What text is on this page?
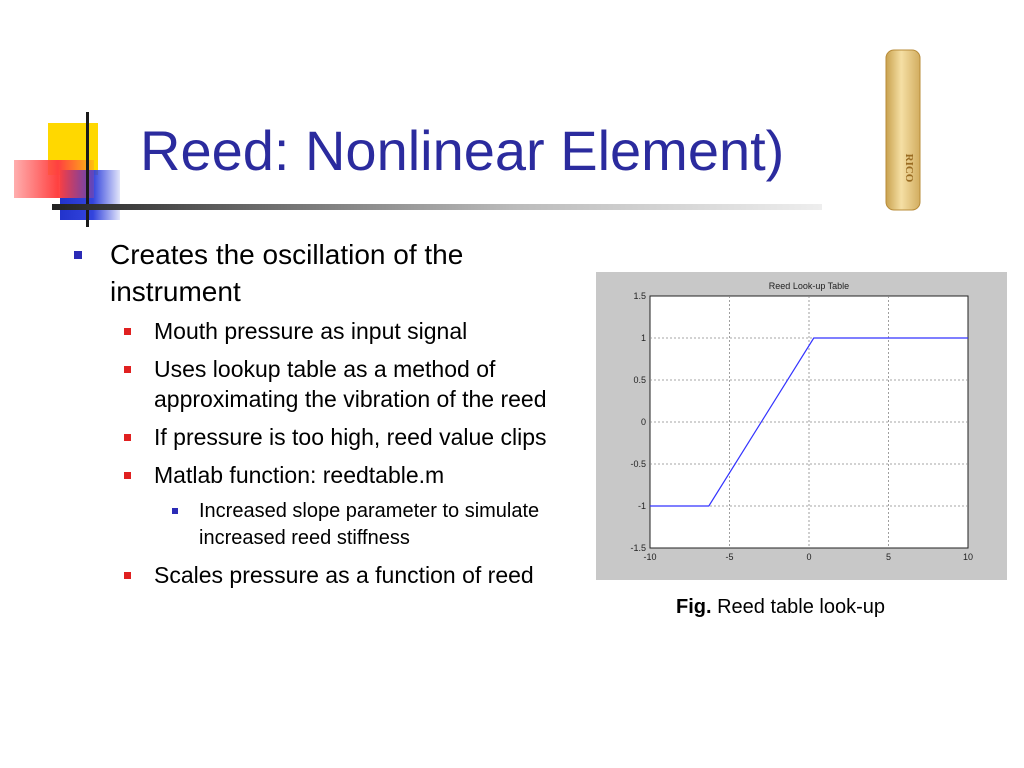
RICO
Reed: Nonlinear Element)
Creates the oscillation of the instrument
Mouth pressure as input signal
Uses lookup table as a method of approximating the vibration of the reed
If pressure is too high, reed value clips
Matlab function: reedtable.m
Increased slope parameter to simulate increased reed stiffness
Scales pressure as a function of reed
Reed Look-up Table
-10	-5	0	5	10
1.5
1
0.5
0
-0.5
-1
-1.5
Fig. Reed table look-up
